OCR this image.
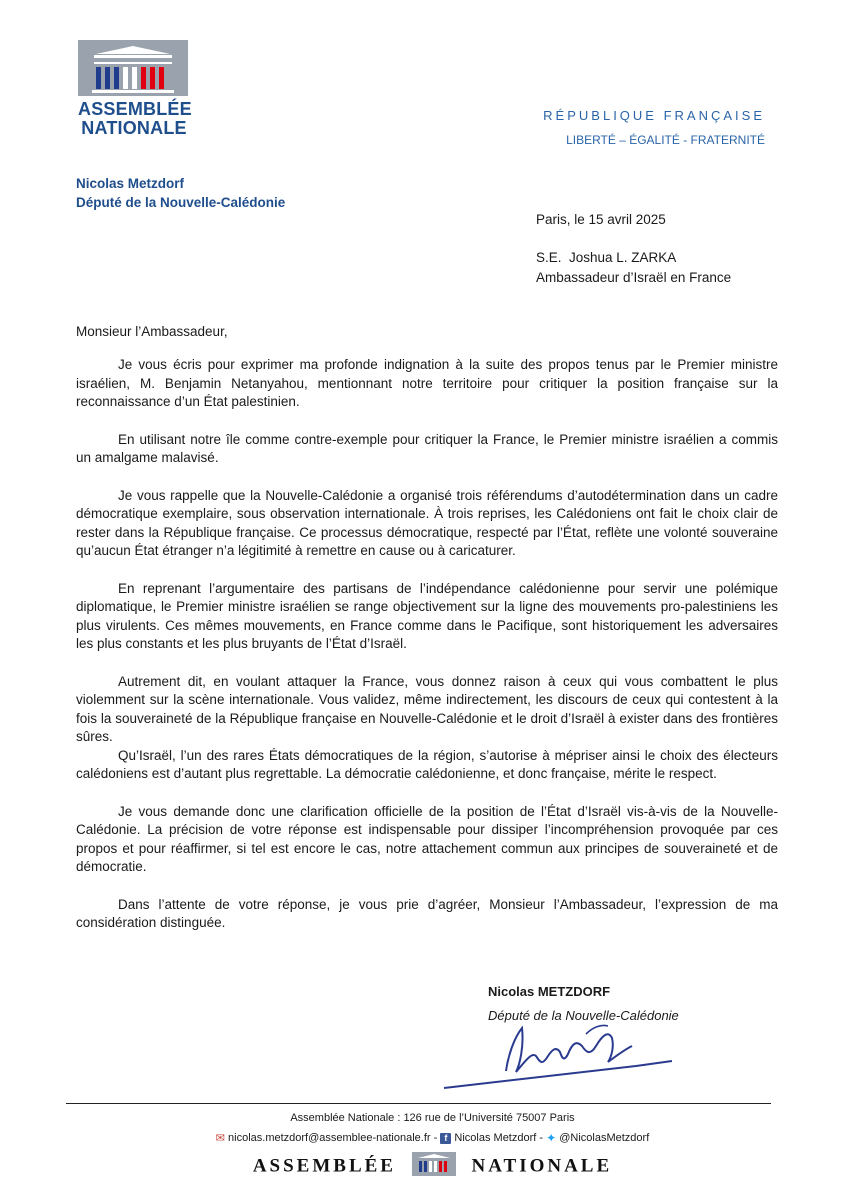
ASSEMBLÉE
NATIONALE
RÉPUBLIQUE FRANÇAISE
LIBERTÉ – ÉGALITÉ - FRATERNITÉ
Nicolas Metzdorf
Député de la Nouvelle-Calédonie
Paris, le 15 avril 2025
S.E.  Joshua L. ZARKA
Ambassadeur d’Israël en France
Monsieur l’Ambassadeur,

Je vous écris pour exprimer ma profonde indignation à la suite des propos tenus par le Premier ministre israélien, M. Benjamin Netanyahou, mentionnant notre territoire pour critiquer la position française sur la reconnaissance d’un État palestinien.

En utilisant notre île comme contre-exemple pour critiquer la France, le Premier ministre israélien a commis un amalgame malavisé.

Je vous rappelle que la Nouvelle-Calédonie a organisé trois référendums d’autodétermination dans un cadre démocratique exemplaire, sous observation internationale. À trois reprises, les Calédoniens ont fait le choix clair de rester dans la République française. Ce processus démocratique, respecté par l’État, reflète une volonté souveraine qu’aucun État étranger n’a légitimité à remettre en cause ou à caricaturer.

En reprenant l’argumentaire des partisans de l’indépendance calédonienne pour servir une polémique diplomatique, le Premier ministre israélien se range objectivement sur la ligne des mouvements pro-palestiniens les plus virulents. Ces mêmes mouvements, en France comme dans le Pacifique, sont historiquement les adversaires les plus constants et les plus bruyants de l’État d’Israël.

Autrement dit, en voulant attaquer la France, vous donnez raison à ceux qui vous combattent le plus violemment sur la scène internationale. Vous validez, même indirectement, les discours de ceux qui contestent à la fois la souveraineté de la République française en Nouvelle-Calédonie et le droit d’Israël à exister dans des frontières sûres.

Qu’Israël, l’un des rares États démocratiques de la région, s’autorise à mépriser ainsi le choix des électeurs calédoniens est d’autant plus regrettable. La démocratie calédonienne, et donc française, mérite le respect.

Je vous demande donc une clarification officielle de la position de l’État d’Israël vis-à-vis de la Nouvelle-Calédonie. La précision de votre réponse est indispensable pour dissiper l’incompréhension provoquée par ces propos et pour réaffirmer, si tel est encore le cas, notre attachement commun aux principes de souveraineté et de démocratie.

Dans l’attente de votre réponse, je vous prie d’agréer, Monsieur l’Ambassadeur, l’expression de ma considération distinguée.

Nicolas METZDORF
Député de la Nouvelle-Calédonie
Assemblée Nationale : 126 rue de l’Université 75007 Paris
✉ nicolas.metzdorf@assemblee-nationale.fr - f Nicolas Metzdorf - ✦ @NicolasMetzdorf
ASSEMBLÉE	NATIONALE
